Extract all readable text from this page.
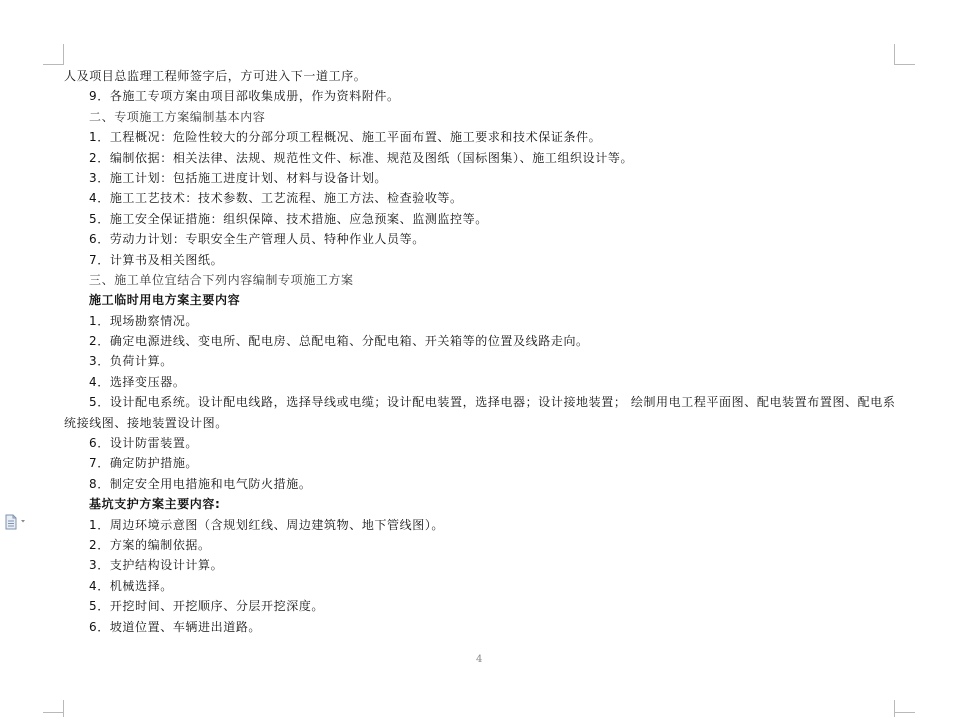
人及项目总监理工程师签字后，方可进入下一道工序。
9．各施工专项方案由项目部收集成册，作为资料附件。
二、专项施工方案编制基本内容
1．工程概况：危险性较大的分部分项工程概况、施工平面布置、施工要求和技术保证条件。
2．编制依据：相关法律、法规、规范性文件、标准、规范及图纸（国标图集）、施工组织设计等。
3．施工计划：包括施工进度计划、材料与设备计划。
4．施工工艺技术：技术参数、工艺流程、施工方法、检查验收等。
5．施工安全保证措施：组织保障、技术措施、应急预案、监测监控等。
6．劳动力计划：专职安全生产管理人员、特种作业人员等。
7．计算书及相关图纸。
三、施工单位宜结合下列内容编制专项施工方案
施工临时用电方案主要内容
1．现场勘察情况。
2．确定电源进线、变电所、配电房、总配电箱、分配电箱、开关箱等的位置及线路走向。
3．负荷计算。
4．选择变压器。
5．设计配电系统。设计配电线路，选择导线或电缆；设计配电装置，选择电器；设计接地装置； 绘制用电工程平面图、配电装置布置图、配电系
统接线图、接地装置设计图。
6．设计防雷装置。
7．确定防护措施。
8．制定安全用电措施和电气防火措施。
基坑支护方案主要内容:
1．周边环境示意图（含规划红线、周边建筑物、地下管线图）。
2．方案的编制依据。
3．支护结构设计计算。
4．机械选择。
5．开挖时间、开挖顺序、分层开挖深度。
6．坡道位置、车辆进出道路。
4
